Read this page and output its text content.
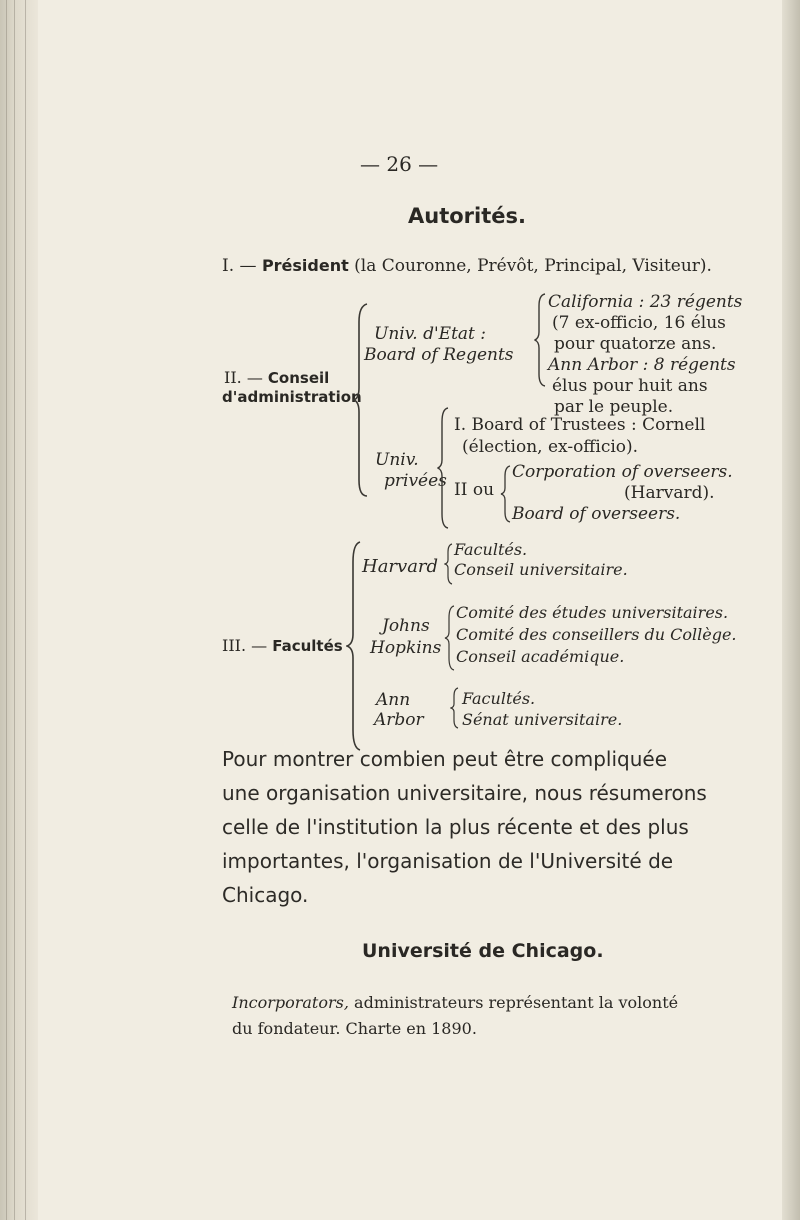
— 26 —
Autorités.
I. — Président (la Couronne, Prévôt, Principal, Visiteur).
II. — Conseil
d'administration
Univ. d'Etat :
Board of Regents
California : 23 régents
(7 ex-officio, 16 élus
pour quatorze ans.
Ann Arbor : 8 régents
élus pour huit ans
par le peuple.
Univ.
privées
I. Board of Trustees : Cornell
(élection, ex-officio).
II ou
Corporation of overseers.
(Harvard).
Board of overseers.
III. — Facultés
Harvard
Facultés.
Conseil universitaire.
Johns
Hopkins
Comité des études universitaires.
Comité des conseillers du Collège.
Conseil académique.
Ann
Arbor
Facultés.
Sénat universitaire.
Pour montrer combien peut être compliquée
une organisation universitaire, nous résumerons
celle de l'institution la plus récente et des plus
importantes, l'organisation de l'Université de
Chicago.
Université de Chicago.
Incorporators, administrateurs représentant la volonté
du fondateur. Charte en 1890.
